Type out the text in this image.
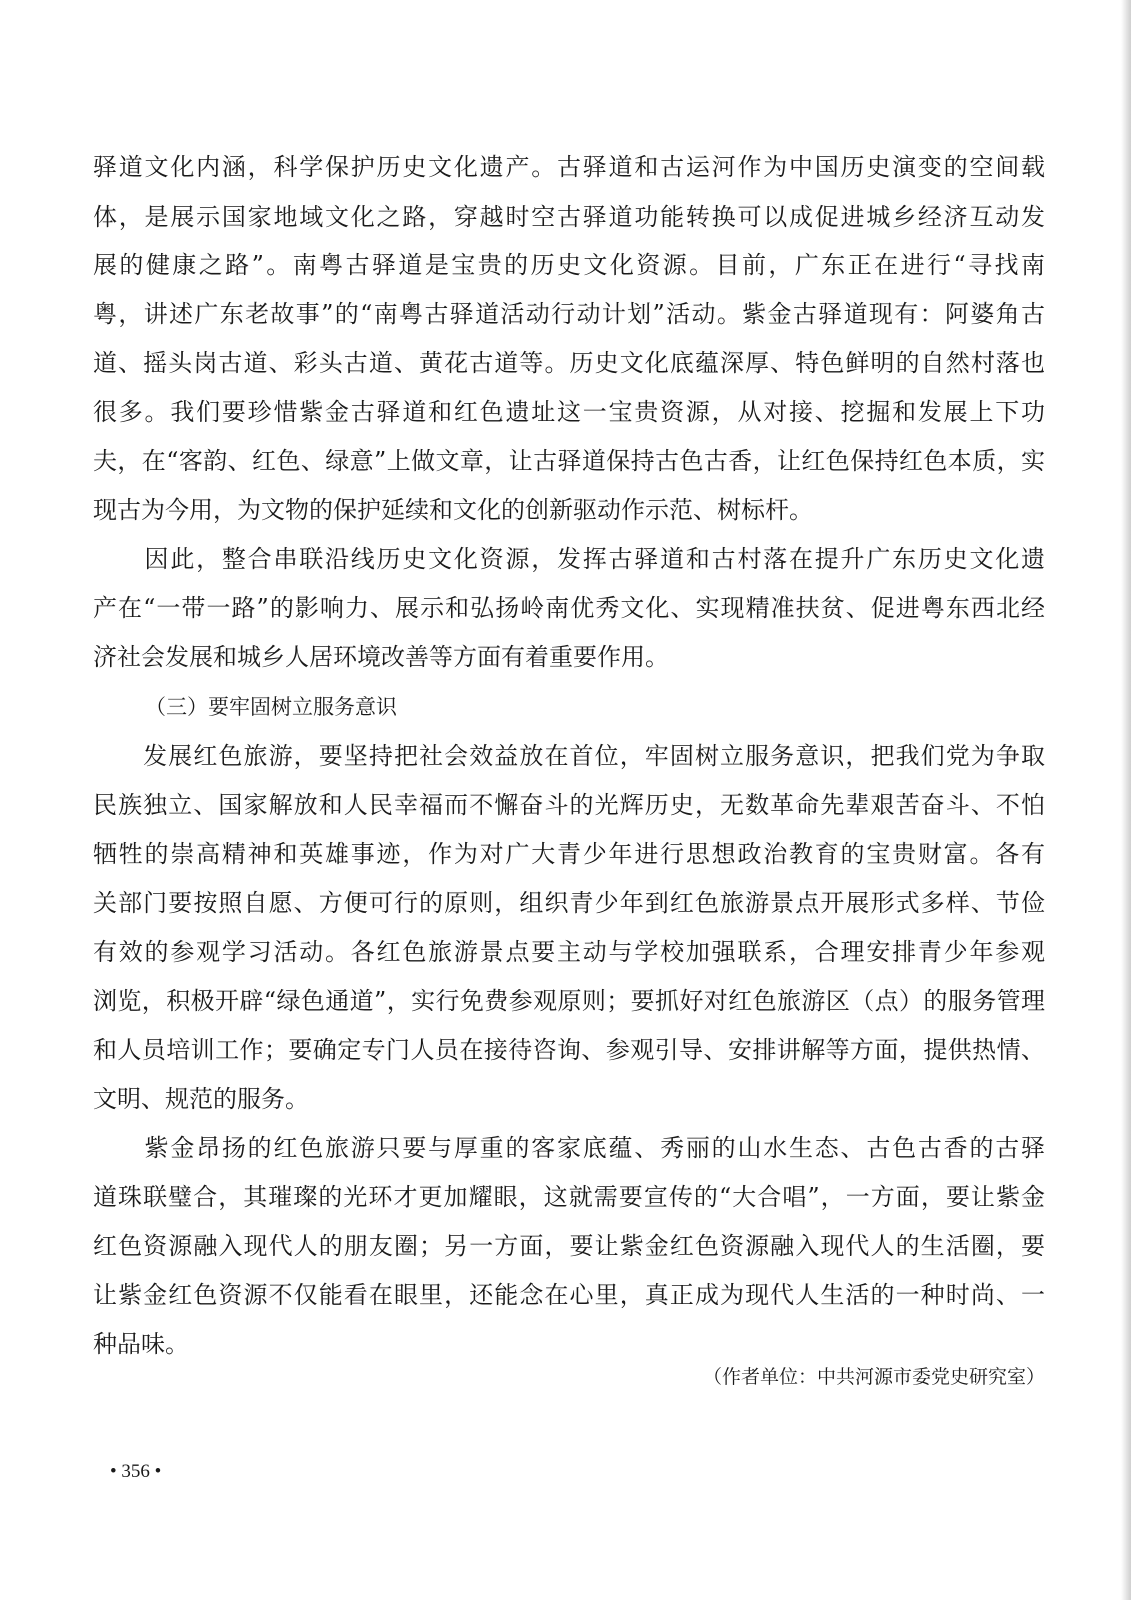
驿道文化内涵，科学保护历史文化遗产。古驿道和古运河作为中国历史演变的空间载
体，是展示国家地域文化之路，穿越时空古驿道功能转换可以成促进城乡经济互动发
展的健康之路”。南粤古驿道是宝贵的历史文化资源。目前，广东正在进行“寻找南
粤，讲述广东老故事”的“南粤古驿道活动行动计划”活动。紫金古驿道现有：阿婆角古
道、摇头岗古道、彩头古道、黄花古道等。历史文化底蕴深厚、特色鲜明的自然村落也
很多。我们要珍惜紫金古驿道和红色遗址这一宝贵资源，从对接、挖掘和发展上下功
夫，在“客韵、红色、绿意”上做文章，让古驿道保持古色古香，让红色保持红色本质，实
现古为今用，为文物的保护延续和文化的创新驱动作示范、树标杆。
　　因此，整合串联沿线历史文化资源，发挥古驿道和古村落在提升广东历史文化遗
产在“一带一路”的影响力、展示和弘扬岭南优秀文化、实现精准扶贫、促进粤东西北经
济社会发展和城乡人居环境改善等方面有着重要作用。
（三）要牢固树立服务意识
　　发展红色旅游，要坚持把社会效益放在首位，牢固树立服务意识，把我们党为争取
民族独立、国家解放和人民幸福而不懈奋斗的光辉历史，无数革命先辈艰苦奋斗、不怕
牺牲的崇高精神和英雄事迹，作为对广大青少年进行思想政治教育的宝贵财富。各有
关部门要按照自愿、方便可行的原则，组织青少年到红色旅游景点开展形式多样、节俭
有效的参观学习活动。各红色旅游景点要主动与学校加强联系，合理安排青少年参观
浏览，积极开辟“绿色通道”，实行免费参观原则；要抓好对红色旅游区（点）的服务管理
和人员培训工作；要确定专门人员在接待咨询、参观引导、安排讲解等方面，提供热情、
文明、规范的服务。
　　紫金昂扬的红色旅游只要与厚重的客家底蕴、秀丽的山水生态、古色古香的古驿
道珠联璧合，其璀璨的光环才更加耀眼，这就需要宣传的“大合唱”，一方面，要让紫金
红色资源融入现代人的朋友圈；另一方面，要让紫金红色资源融入现代人的生活圈，要
让紫金红色资源不仅能看在眼里，还能念在心里，真正成为现代人生活的一种时尚、一
种品味。
（作者单位：中共河源市委党史研究室）
• 356 •
